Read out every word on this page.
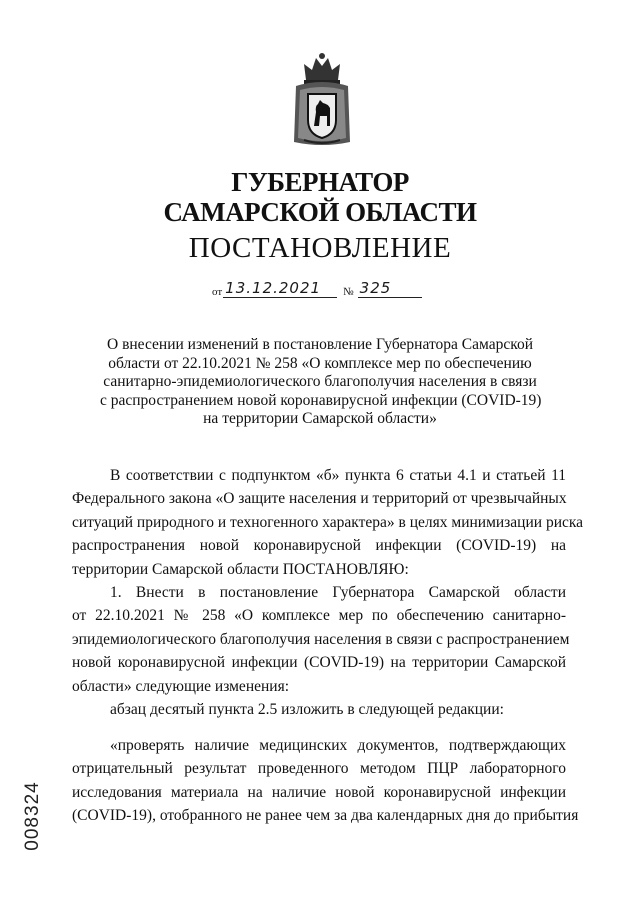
ГУБЕРНАТОР
САМАРСКОЙ ОБЛАСТИ
ПОСТАНОВЛЕНИЕ
от 13.12.2021	№ 325
О внесении изменений в постановление Губернатора Самарской
области от 22.10.2021 № 258 «О комплексе мер по обеспечению
санитарно-эпидемиологического благополучия населения в связи
с распространением новой коронавирусной инфекции (COVID-19)
на территории Самарской области»
В соответствии с подпунктом «б» пункта 6 статьи 4.1 и статьей 11
Федерального закона «О защите населения и территорий от чрезвычайных
ситуаций природного и техногенного характера» в целях минимизации риска
распространения новой коронавирусной инфекции (COVID-19) на
территории Самарской области ПОСТАНОВЛЯЮ:
1. Внести в постановление Губернатора Самарской области
от 22.10.2021 № 258 «О комплексе мер по обеспечению санитарно-
эпидемиологического благополучия населения в связи с распространением
новой коронавирусной инфекции (COVID-19) на территории Самарской
области» следующие изменения:
абзац десятый пункта 2.5 изложить в следующей редакции:
«проверять наличие медицинских документов, подтверждающих
отрицательный результат проведенного методом ПЦР лабораторного
исследования материала на наличие новой коронавирусной инфекции
(COVID-19), отобранного не ранее чем за два календарных дня до прибытия
008324
